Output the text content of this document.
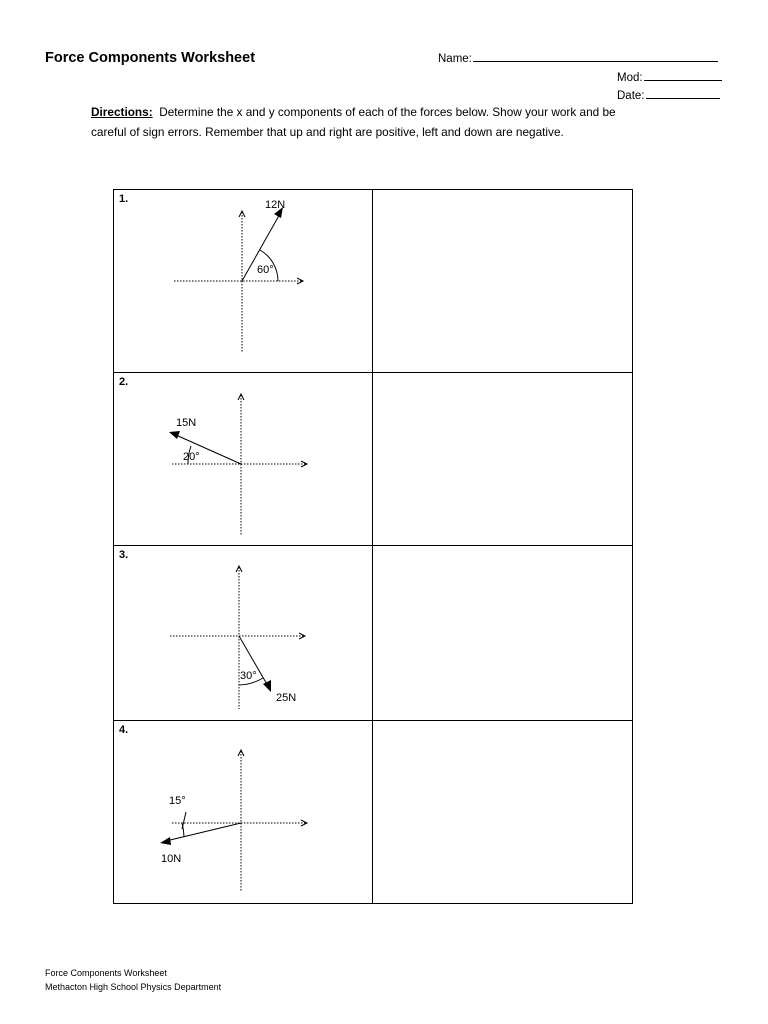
Force Components Worksheet	Name:
Mod:
Date:
Directions: Determine the x and y components of each of the forces below. Show your work and be
careful of sign errors. Remember that up and right are positive, left and down are negative.
1.
60°
12N	

2.
20°
15N	

3.
30°
25N	

4.
15°
10N	

Force Components Worksheet
Methacton High School Physics Department
